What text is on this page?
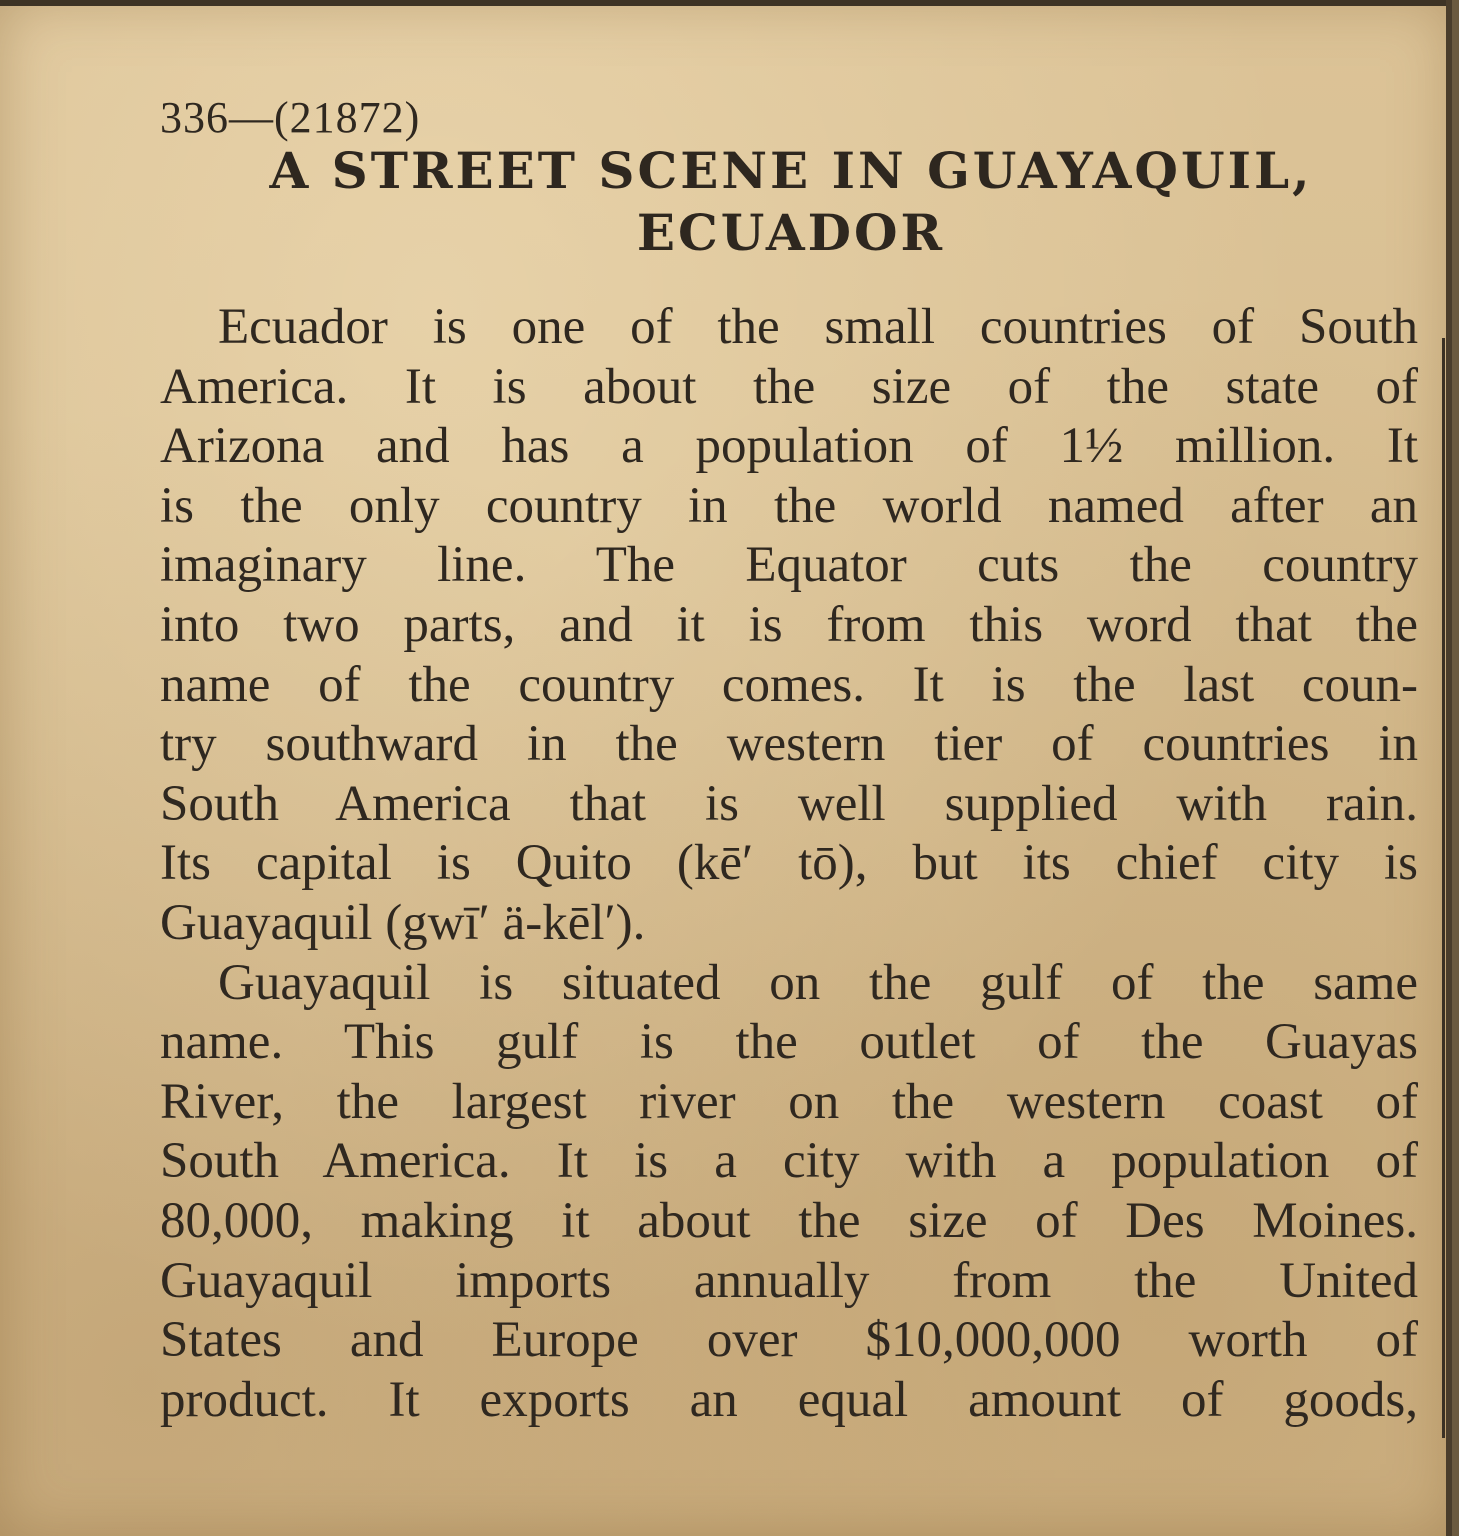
336—(21872)
A STREET SCENE IN GUAYAQUIL,
ECUADOR
Ecuador is one of the small countries of South
America. It is about the size of the state of
Arizona and has a population of 1½ million. It
is the only country in the world named after an
imaginary line. The Equator cuts the country
into two parts, and it is from this word that the
name of the country comes. It is the last coun-
try southward in the western tier of countries in
South America that is well supplied with rain.
Its capital is Quito (kē′ tō), but its chief city is
Guayaquil (gwī′ ä-kēl′).
Guayaquil is situated on the gulf of the same
name. This gulf is the outlet of the Guayas
River, the largest river on the western coast of
South America. It is a city with a population of
80,000, making it about the size of Des Moines.
Guayaquil imports annually from the United
States and Europe over $10,000,000 worth of
product. It exports an equal amount of goods,
